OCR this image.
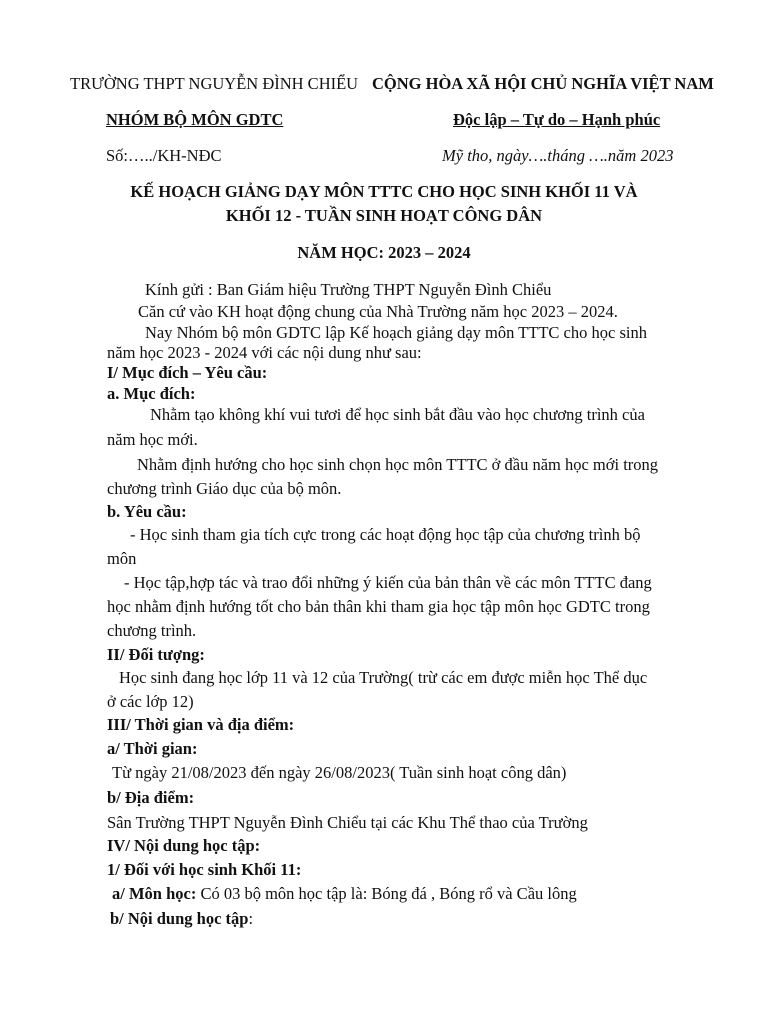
TRƯỜNG THPT NGUYỄN ĐÌNH CHIỂU CỘNG HÒA XÃ HỘI CHỦ NGHĨA VIỆT NAM
NHÓM BỘ MÔN GDTC	Độc lập – Tự do – Hạnh phúc
Số:…../KH-NĐC	Mỹ tho, ngày….tháng ….năm 2023
KẾ HOẠCH GIẢNG DẠY MÔN TTTC CHO HỌC SINH KHỐI 11 VÀ
KHỐI 12 - TUẦN SINH HOẠT CÔNG DÂN
NĂM HỌC: 2023 – 2024
Kính gửi : Ban Giám hiệu Trường THPT Nguyễn Đình Chiểu
Căn cứ vào KH hoạt động chung của Nhà Trường năm học 2023 – 2024.
Nay Nhóm bộ môn GDTC lập Kế hoạch giảng dạy môn TTTC cho học sinh
năm học 2023 - 2024 với các nội dung như sau:
I/ Mục đích – Yêu cầu:
a. Mục đích:
Nhằm tạo không khí vui tươi để học sinh bắt đầu vào học chương trình của
năm học mới.
Nhằm định hướng cho học sinh chọn học môn TTTC ở đầu năm học mới trong
chương trình Giáo dục của bộ môn.
b. Yêu cầu:
- Học sinh tham gia tích cực trong các hoạt động học tập của chương trình bộ
môn
- Học tập,hợp tác và trao đổi những ý kiến của bản thân về các môn TTTC đang
học nhằm định hướng tốt cho bản thân khi tham gia học tập môn học GDTC trong
chương trình.
II/ Đối tượng:
Học sinh đang học lớp 11 và 12 của Trường( trừ các em được miễn học Thể dục
ở các lớp 12)
III/ Thời gian và địa điểm:
a/ Thời gian:
Từ ngày 21/08/2023 đến ngày 26/08/2023( Tuần sinh hoạt công dân)
b/ Địa điểm:
Sân Trường THPT Nguyễn Đình Chiểu tại các Khu Thể thao của Trường
IV/ Nội dung học tập:
1/ Đối với học sinh Khối 11:
a/ Môn học: Có 03 bộ môn học tập là: Bóng đá , Bóng rổ và Cầu lông
b/ Nội dung học tập:
